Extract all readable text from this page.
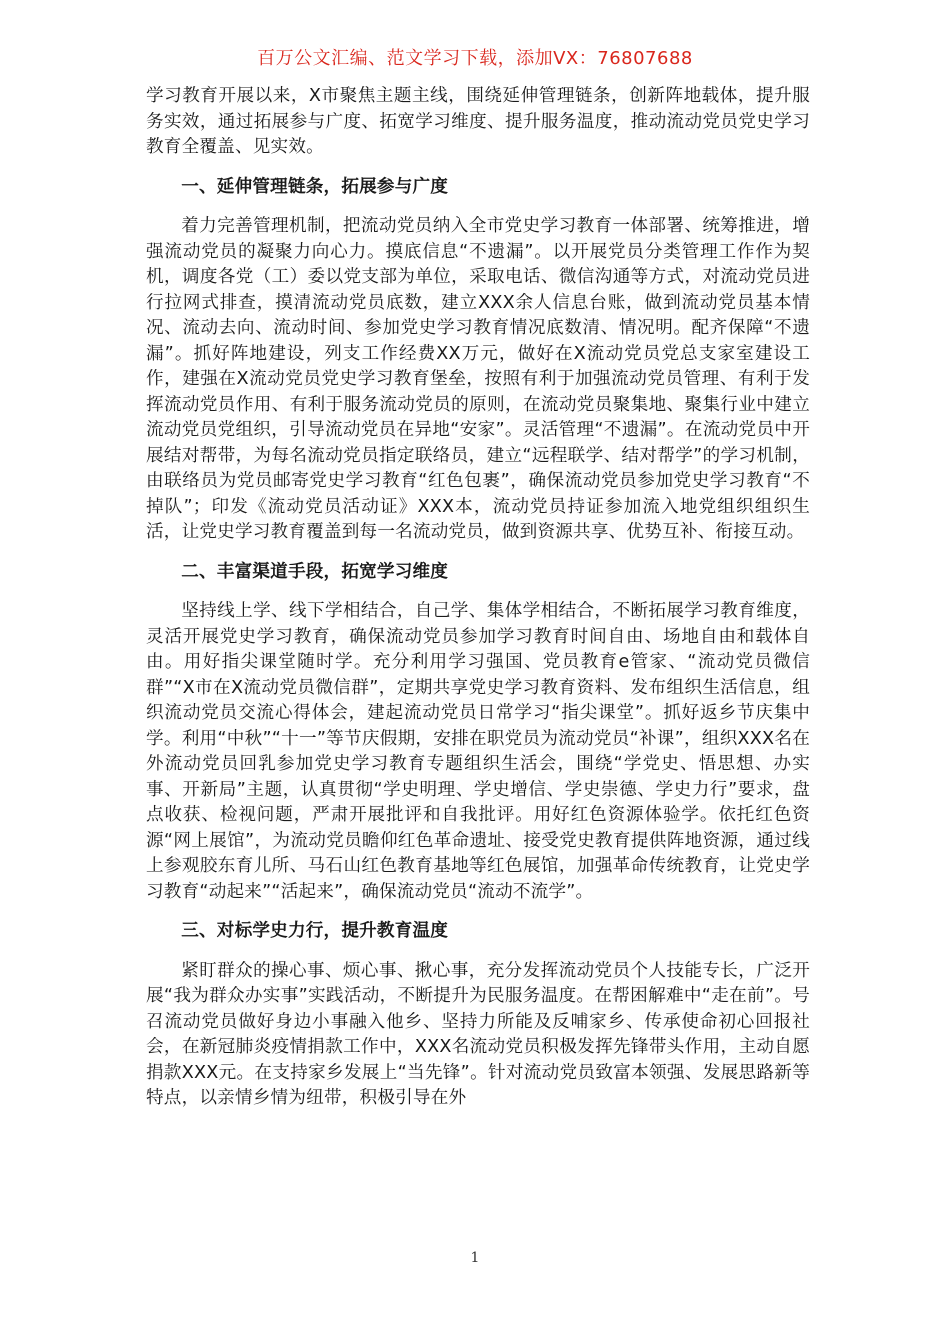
百万公文汇编、范文学习下载，添加VX：76807688

学习教育开展以来，X市聚焦主题主线，围绕延伸管理链条，创新阵地载体，提升服务实效，通过拓展参与广度、拓宽学习维度、提升服务温度，推动流动党员党史学习教育全覆盖、见实效。

一、延伸管理链条，拓展参与广度

着力完善管理机制，把流动党员纳入全市党史学习教育一体部署、统筹推进，增强流动党员的凝聚力向心力。摸底信息“不遗漏”。以开展党员分类管理工作作为契机，调度各党（工）委以党支部为单位，采取电话、微信沟通等方式，对流动党员进行拉网式排查，摸清流动党员底数，建立XXX余人信息台账，做到流动党员基本情况、流动去向、流动时间、参加党史学习教育情况底数清、情况明。配齐保障“不遗漏”。抓好阵地建设，列支工作经费XX万元，做好在X流动党员党总支家室建设工作，建强在X流动党员党史学习教育堡垒，按照有利于加强流动党员管理、有利于发挥流动党员作用、有利于服务流动党员的原则，在流动党员聚集地、聚集行业中建立流动党员党组织，引导流动党员在异地“安家”。灵活管理“不遗漏”。在流动党员中开展结对帮带，为每名流动党员指定联络员，建立“远程联学、结对帮学”的学习机制，由联络员为党员邮寄党史学习教育“红色包裹”，确保流动党员参加党史学习教育“不掉队”；印发《流动党员活动证》XXX本，流动党员持证参加流入地党组织组织生活，让党史学习教育覆盖到每一名流动党员，做到资源共享、优势互补、衔接互动。

二、丰富渠道手段，拓宽学习维度

坚持线上学、线下学相结合，自己学、集体学相结合，不断拓展学习教育维度，灵活开展党史学习教育，确保流动党员参加学习教育时间自由、场地自由和载体自由。用好指尖课堂随时学。充分利用学习强国、党员教育e管家、“流动党员微信群”“X市在X流动党员微信群”，定期共享党史学习教育资料、发布组织生活信息，组织流动党员交流心得体会，建起流动党员日常学习“指尖课堂”。抓好返乡节庆集中学。利用“中秋”“十一”等节庆假期，安排在职党员为流动党员“补课”，组织XXX名在外流动党员回乳参加党史学习教育专题组织生活会，围绕“学党史、悟思想、办实事、开新局”主题，认真贯彻“学史明理、学史增信、学史崇德、学史力行”要求，盘点收获、检视问题，严肃开展批评和自我批评。用好红色资源体验学。依托红色资源“网上展馆”，为流动党员瞻仰红色革命遗址、接受党史教育提供阵地资源，通过线上参观胶东育儿所、马石山红色教育基地等红色展馆，加强革命传统教育，让党史学习教育“动起来”“活起来”，确保流动党员“流动不流学”。

三、对标学史力行，提升教育温度

紧盯群众的操心事、烦心事、揪心事，充分发挥流动党员个人技能专长，广泛开展“我为群众办实事”实践活动，不断提升为民服务温度。在帮困解难中“走在前”。号召流动党员做好身边小事融入他乡、坚持力所能及反哺家乡、传承使命初心回报社会，在新冠肺炎疫情捐款工作中，XXX名流动党员积极发挥先锋带头作用，主动自愿捐款XXX元。在支持家乡发展上“当先锋”。针对流动党员致富本领强、发展思路新等特点，以亲情乡情为纽带，积极引导在外

1
